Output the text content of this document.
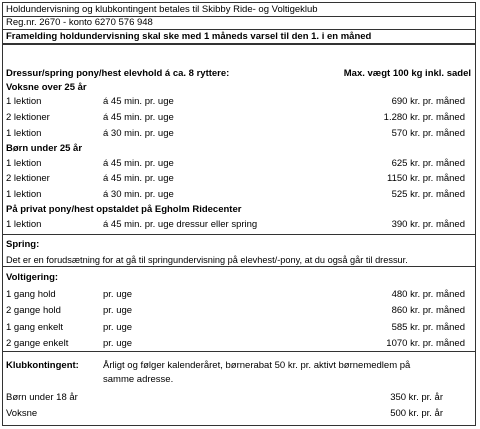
Holdundervisning og klubkontingent betales til Skibby Ride- og Voltigeklub
Reg.nr. 2670 - konto 6270 576 948
Framelding holdundervisning skal ske med 1 måneds varsel til den 1. i en måned
Dressur/spring pony/hest elevhold á ca. 8 ryttere:	Max. vægt 100 kg inkl. sadel
Voksne over 25 år
1 lektion	á 45 min. pr. uge	690 kr. pr. måned
2 lektioner	á 45 min. pr. uge	1.280 kr. pr. måned
1 lektion	á 30 min. pr. uge	570 kr. pr. måned
Børn under 25 år
1 lektion	á 45 min. pr. uge	625 kr. pr. måned
2 lektioner	á 45 min. pr. uge	1150 kr. pr. måned
1 lektion	á 30 min. pr. uge	525 kr. pr. måned
På privat pony/hest opstaldet på Egholm Ridecenter
1 lektion	á 45 min. pr. uge dressur eller spring	390 kr. pr. måned
Spring:
Det er en forudsætning for at gå til springundervisning på elevhest/-pony, at du også går til dressur.
Voltigering:
1 gang hold	pr. uge	480 kr. pr. måned
2 gange hold	pr. uge	860 kr. pr. måned
1 gang enkelt	pr. uge	585 kr. pr. måned
2 gange enkelt	pr. uge	1070 kr. pr. måned
Klubkontingent:	Årligt og følger kalenderåret, børnerabat 50 kr. pr. aktivt børnemedlem på
samme adresse.
Børn under 18 år	350 kr. pr. år
Voksne	500 kr. pr. år
